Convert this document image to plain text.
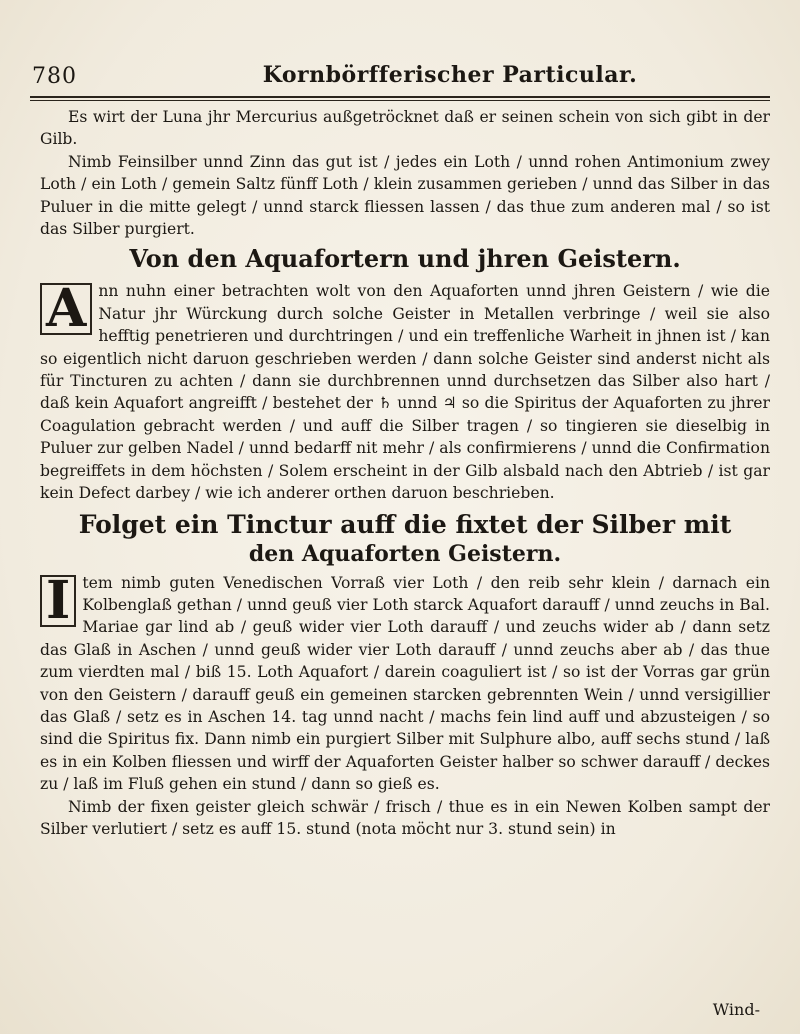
780	Kornbörfferischer Particular.

Es wirt der Luna jhr Mercurius außgetröcknet daß er seinen schein von sich gibt in der Gilb.

Nimb Feinsilber unnd Zinn das gut ist / jedes ein Loth / unnd rohen Antimonium zwey Loth / ein Loth / gemein Saltz fünff Loth / klein zusammen gerieben / unnd das Silber in das Puluer in die mitte gelegt / unnd starck fliessen lassen / das thue zum anderen mal / so ist das Silber purgiert.

Von den Aquafortern und jhren Geistern.

A nn nuhn einer betrachten wolt von den Aquaforten unnd jhren Geistern / wie die Natur jhr Würckung durch solche Geister in Metallen verbringe / weil sie also hefftig penetrieren und durchtringen / und ein treffenliche Warheit in jhnen ist / kan so eigentlich nicht daruon geschrieben werden / dann solche Geister sind anderst nicht als für Tincturen zu achten / dann sie durchbrennen unnd durchsetzen das Silber also hart / daß kein Aquafort angreifft / bestehet der ♄ unnd ♃ so die Spiritus der Aquaforten zu jhrer Coagulation gebracht werden / und auff die Silber tragen / so tingieren sie dieselbig in Puluer zur gelben Nadel / unnd bedarff nit mehr / als confirmierens / unnd die Confirmation begreiffets in dem höchsten / Solem erscheint in der Gilb alsbald nach den Abtrieb / ist gar kein Defect darbey / wie ich anderer orthen daruon beschrieben.

Folget ein Tinctur auff die fixtet der Silber mit
den Aquaforten Geistern.

I tem nimb guten Venedischen Vorraß vier Loth / den reib sehr klein / darnach ein Kolbenglaß gethan / unnd geuß vier Loth starck Aquafort darauff / unnd zeuchs in Bal. Mariae gar lind ab / geuß wider vier Loth darauff / und zeuchs wider ab / dann setz das Glaß in Aschen / unnd geuß wider vier Loth darauff / unnd zeuchs aber ab / das thue zum vierdten mal / biß 15. Loth Aquafort / darein coaguliert ist / so ist der Vorras gar grün von den Geistern / darauff geuß ein gemeinen starcken gebrennten Wein / unnd versigillier das Glaß / setz es in Aschen 14. tag unnd nacht / machs fein lind auff und abzusteigen / so sind die Spiritus fix. Dann nimb ein purgiert Silber mit Sulphure albo, auff sechs stund / laß es in ein Kolben fliessen und wirff der Aquaforten Geister halber so schwer darauff / deckes zu / laß im Fluß gehen ein stund / dann so gieß es.

Nimb der fixen geister gleich schwär / frisch / thue es in ein Newen Kolben sampt der Silber verlutiert / setz es auff 15. stund (nota möcht nur 3. stund sein) in

Wind-
